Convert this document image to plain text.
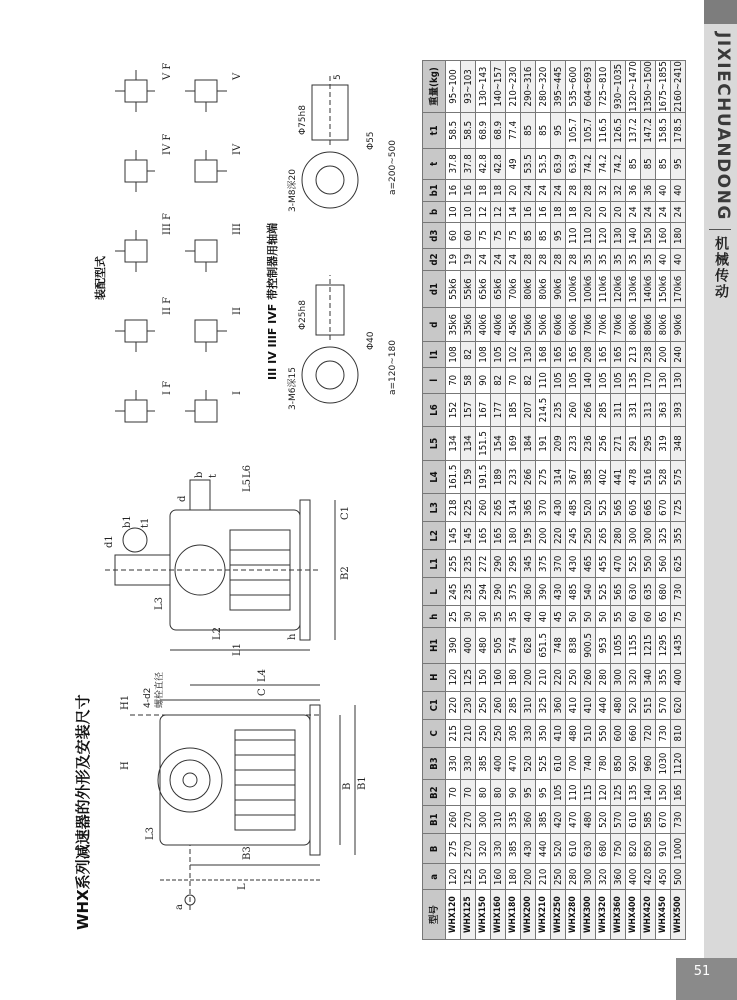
JIXIECHUANDONG
机械传动
51
WHX系列减速器的外形及安装尺寸	L
B3
B B1
C
L3
L4
H
H1
a
4-d2 螺栓直径
L1
L2
L3
L5
L6
h
B2
C1
d1
b1 t1
d
b t
装配型式
I F
II F
III F
IV F
V F
I
II
III
IV
V
III IV IIIF IVF 带控制器用轴端
3-M6深15
Φ25h8
Φ40 a=120~180
3-M8深20
Φ75h8
Φ55
5
a=200~500
型号	a	B	B1	B2	B3	C	C1	H	H1	h	L	L1	L2	L3	L4	L5	L6	l	l1	d	d1	d2	d3	b	b1	t	t1	重量(kg)
WHX120	120	275	260	70	330	215	220	120	390	25	245	255	145	218	161.5	134	152	70	108	35k6	55k6	19	60	10	16	37.8	58.5	95~100
WHX125	125	270	270	70	330	210	230	125	400	30	235	235	145	225	159	134	157	58	82	35k6	55k6	19	60	10	16	37.8	58.5	93~103
WHX150	150	320	300	80	385	250	250	150	480	30	294	272	165	260	191.5	151.5	167	90	108	40k6	65k6	24	75	12	18	42.8	68.9	130~143
WHX160	160	330	310	80	400	250	260	160	505	35	290	290	165	265	189	154	177	82	105	40k6	65k6	24	75	12	18	42.8	68.9	140~157
WHX180	180	385	335	90	470	305	285	180	574	35	375	295	180	314	233	169	185	70	102	45k6	70k6	24	75	14	20	49	77.4	210~230
WHX200	200	430	360	95	520	330	310	200	628	40	360	345	195	365	266	184	207	82	130	50k6	80k6	28	85	16	24	53.5	85	290~316
WHX210	210	440	385	95	525	350	325	210	651.5	40	390	375	200	370	275	191	214.5	110	168	50k6	80k6	28	85	16	24	53.5	85	280~320
WHX250	250	520	420	105	610	410	360	220	748	45	430	370	220	430	314	209	235	105	165	60k6	90k6	28	95	18	24	63.9	95	395~445
WHX280	280	610	470	110	700	480	410	250	838	50	485	430	245	485	367	233	260	105	165	60k6	100k6	28	110	18	28	63.9	105.7	535~600
WHX300	300	630	480	115	740	510	410	260	900.5	50	540	465	250	520	385	236	266	140	208	70k6	100k6	35	110	20	28	74.2	105.7	604~693
WHX320	320	680	520	120	780	550	440	280	953	50	525	455	265	525	402	256	285	105	165	70k6	110k6	35	120	20	32	74.2	116.5	725~810
WHX360	360	750	570	125	850	600	480	300	1055	55	565	470	280	565	441	271	311	105	165	70k6	120k6	35	130	20	32	74.2	126.5	930~1035
WHX400	400	820	610	135	920	660	520	320	1155	60	630	525	300	605	478	291	331	135	213	80k6	130k6	35	140	24	36	85	137.2	1320~1470
WHX420	420	850	585	140	960	720	515	340	1215	60	635	550	300	665	516	295	313	170	238	80k6	140k6	35	150	24	36	85	147.2	1350~1500
WHX450	450	910	670	150	1030	730	570	355	1295	65	680	560	325	670	528	319	363	130	200	80k6	150k6	40	160	24	40	85	158.5	1675~1855
WHX500	500	1000	730	165	1120	810	620	400	1435	75	730	625	355	725	575	348	393	130	240	90k6	170k6	40	180	24	40	95	178.5	2160~2410
